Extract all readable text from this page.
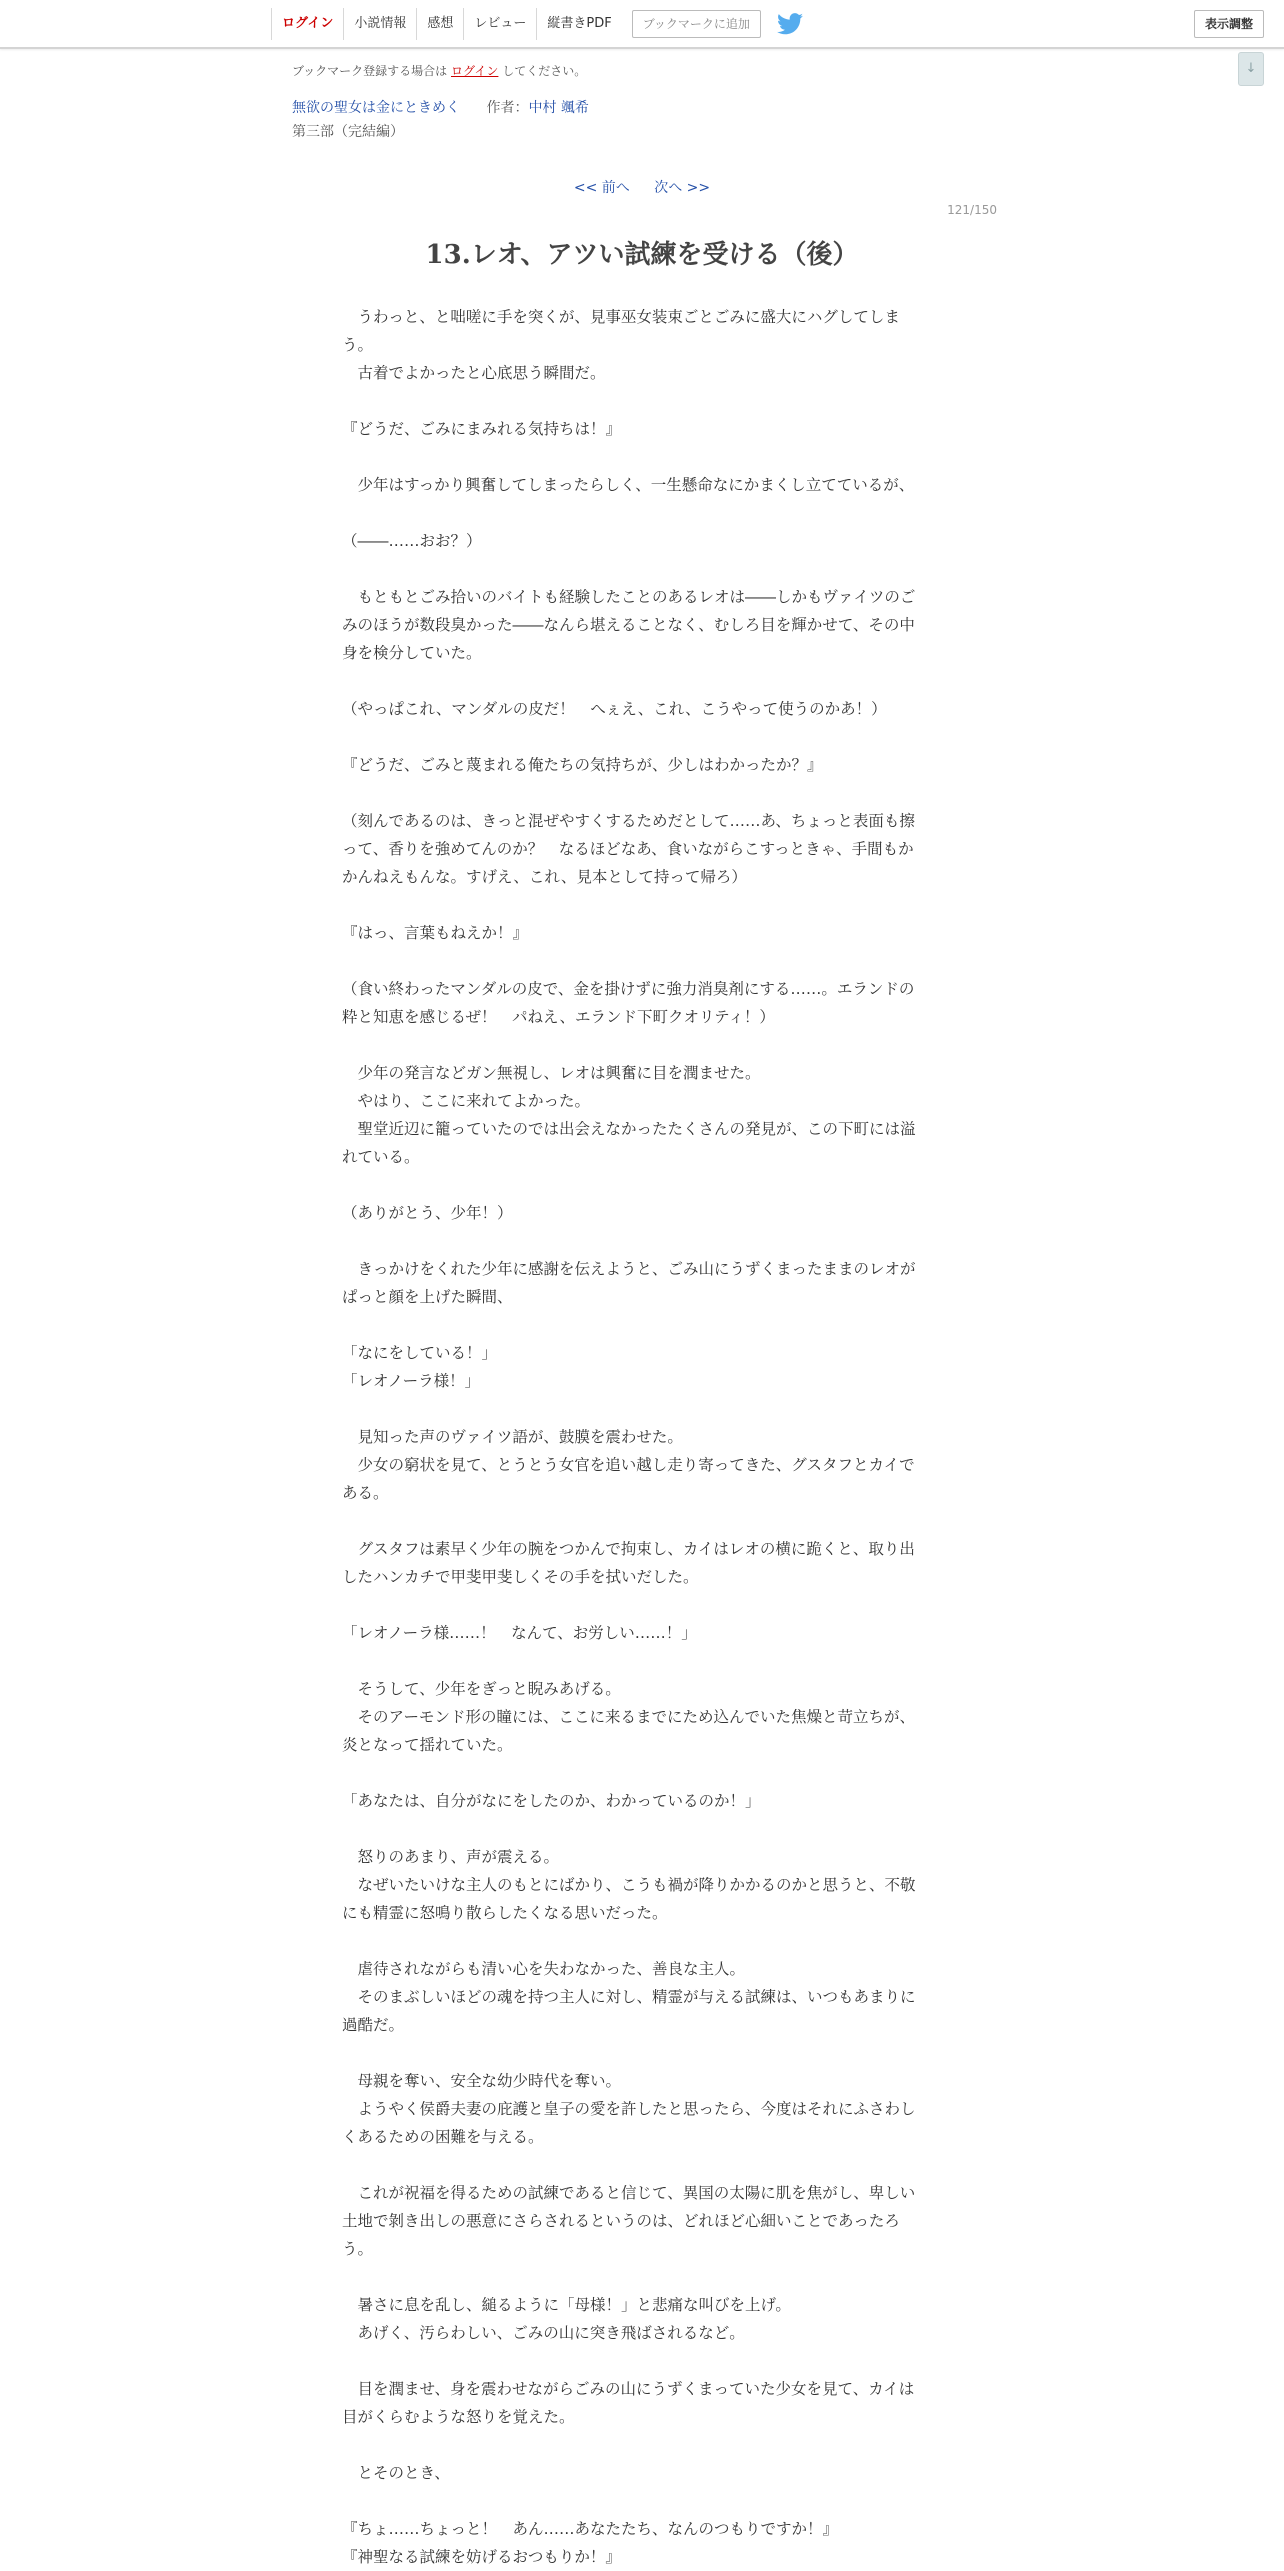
ログイン	小説情報	感想	レビュー	縦書きPDF	ブックマークに追加	表示調整
↓
ブックマーク登録する場合は ログイン してください。
無欲の聖女は金にときめく 作者：中村 颯希
第三部（完結編）
<< 前へ 次へ >>
121/150
13.レオ、アツい試練を受ける（後）

　うわっと、と咄嗟に手を突くが、見事巫女装束ごとごみに盛大にハグしてしま

う。

　古着でよかったと心底思う瞬間だ。

『どうだ、ごみにまみれる気持ちは！』

　少年はすっかり興奮してしまったらしく、一生懸命なにかまくし立てているが、

（――……おお？）

　もともとごみ拾いのバイトも経験したことのあるレオは――しかもヴァイツのご

みのほうが数段臭かった――なんら堪えることなく、むしろ目を輝かせて、その中

身を検分していた。

（やっぱこれ、マンダルの皮だ！　へぇえ、これ、こうやって使うのかあ！）

『どうだ、ごみと蔑まれる俺たちの気持ちが、少しはわかったか？』

（刻んであるのは、きっと混ぜやすくするためだとして……あ、ちょっと表面も擦

って、香りを強めてんのか？　なるほどなあ、食いながらこすっときゃ、手間もか

かんねえもんな。すげえ、これ、見本として持って帰ろ）

『はっ、言葉もねえか！』

（食い終わったマンダルの皮で、金を掛けずに強力消臭剤にする……。エランドの

粋と知恵を感じるぜ！　パねえ、エランド下町クオリティ！）

　少年の発言などガン無視し、レオは興奮に目を潤ませた。

　やはり、ここに来れてよかった。

　聖堂近辺に籠っていたのでは出会えなかったたくさんの発見が、この下町には溢

れている。

（ありがとう、少年！）

　きっかけをくれた少年に感謝を伝えようと、ごみ山にうずくまったままのレオが

ぱっと顔を上げた瞬間、

「なにをしている！」

「レオノーラ様！」

　見知った声のヴァイツ語が、鼓膜を震わせた。

　少女の窮状を見て、とうとう女官を追い越し走り寄ってきた、グスタフとカイで

ある。

　グスタフは素早く少年の腕をつかんで拘束し、カイはレオの横に跪くと、取り出

したハンカチで甲斐甲斐しくその手を拭いだした。

「レオノーラ様……！　なんて、お労しい……！」

　そうして、少年をぎっと睨みあげる。

　そのアーモンド形の瞳には、ここに来るまでにため込んでいた焦燥と苛立ちが、

炎となって揺れていた。

「あなたは、自分がなにをしたのか、わかっているのか！」

　怒りのあまり、声が震える。

　なぜいたいけな主人のもとにばかり、こうも禍が降りかかるのかと思うと、不敬

にも精霊に怒鳴り散らしたくなる思いだった。

　虐待されながらも清い心を失わなかった、善良な主人。

　そのまぶしいほどの魂を持つ主人に対し、精霊が与える試練は、いつもあまりに

過酷だ。

　母親を奪い、安全な幼少時代を奪い。

　ようやく侯爵夫妻の庇護と皇子の愛を許したと思ったら、今度はそれにふさわし

くあるための困難を与える。

　これが祝福を得るための試練であると信じて、異国の太陽に肌を焦がし、卑しい

土地で剝き出しの悪意にさらされるというのは、どれほど心細いことであったろ

う。

　暑さに息を乱し、縋るように「母様！」と悲痛な叫びを上げ。

　あげく、汚らわしい、ごみの山に突き飛ばされるなど。

　目を潤ませ、身を震わせながらごみの山にうずくまっていた少女を見て、カイは

目がくらむような怒りを覚えた。

　とそのとき、

『ちょ……ちょっと！　あん……あなたたち、なんのつもりですか！』

『神聖なる試練を妨げるおつもりか！』
